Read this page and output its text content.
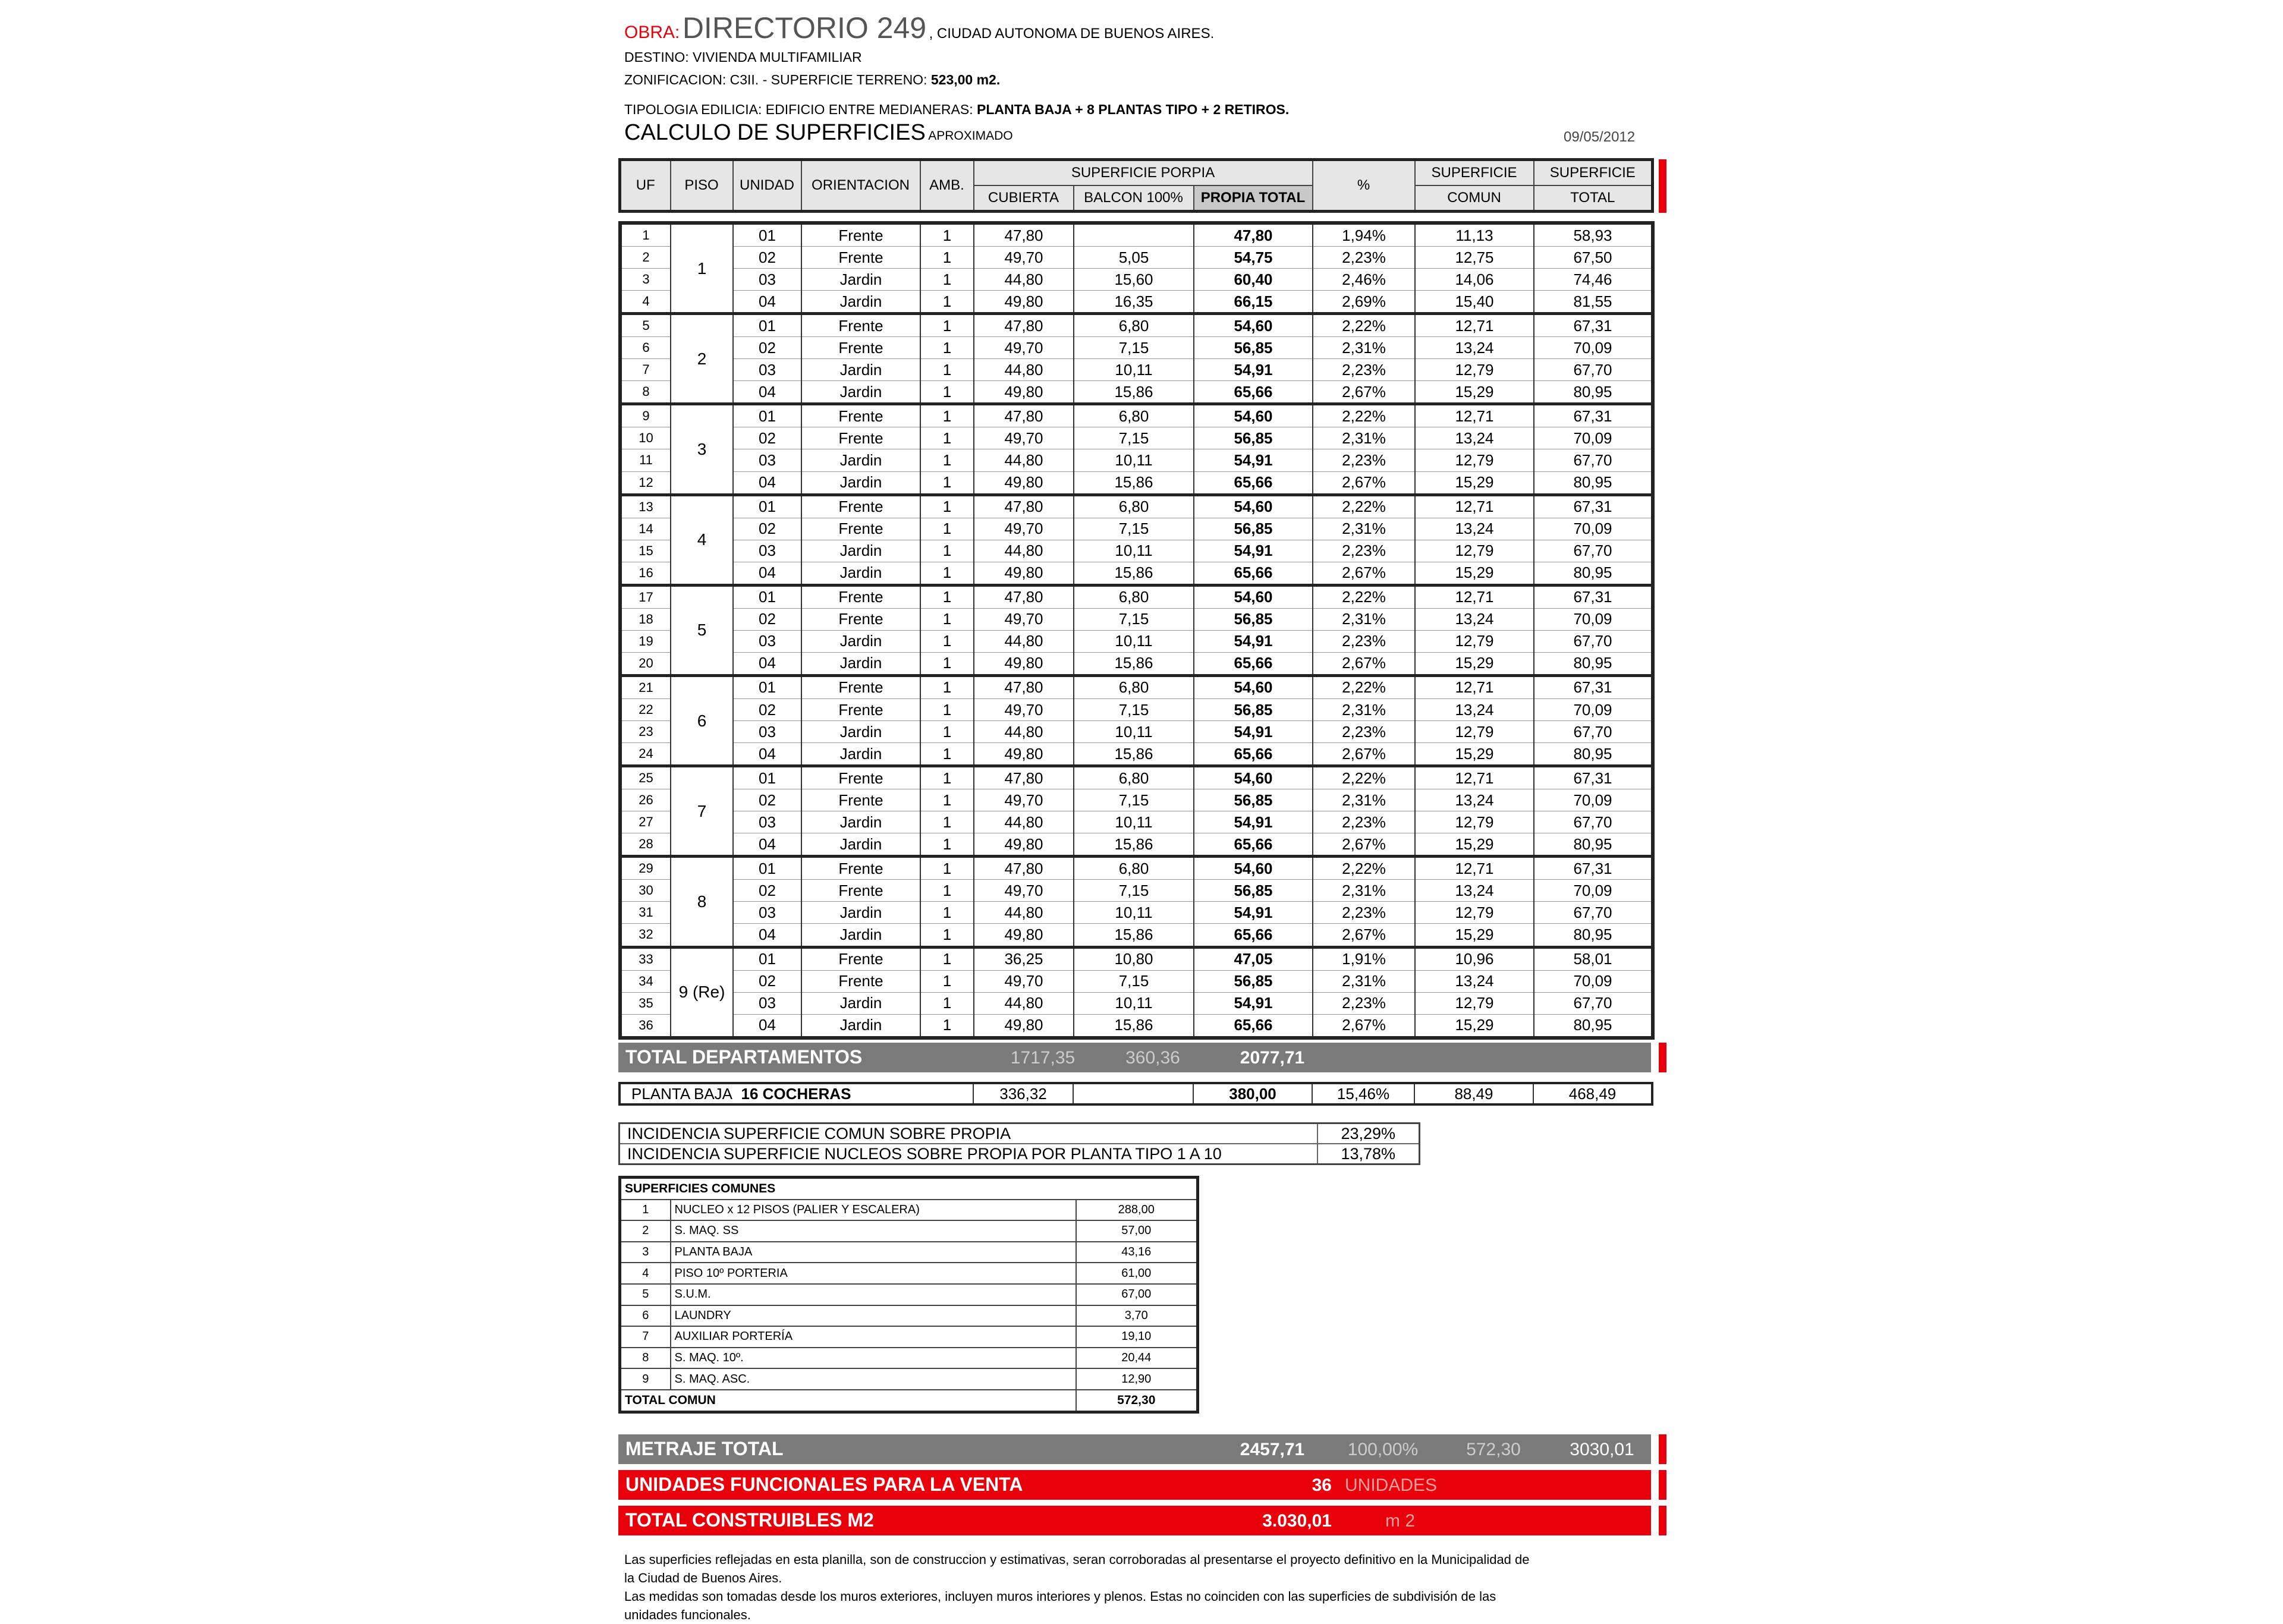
OBRA: DIRECTORIO 249 , CIUDAD AUTONOMA DE BUENOS AIRES.
DESTINO: VIVIENDA MULTIFAMILIAR
ZONIFICACION: C3II. - SUPERFICIE TERRENO: 523,00 m2.
TIPOLOGIA EDILICIA: EDIFICIO ENTRE MEDIANERAS: PLANTA BAJA + 8 PLANTAS TIPO + 2 RETIROS.
CALCULO DE SUPERFICIES APROXIMADO	09/05/2012
UF	PISO	UNIDAD	ORIENTACION	AMB.	SUPERFICIE PORPIA			%	SUPERFICIE	SUPERFICIE
					CUBIERTA	BALCON 100%	PROPIA TOTAL		COMUN	TOTAL
1	1	01	Frente	1	47,80		47,80	1,94%	11,13	58,93
2		02	Frente	1	49,70	5,05	54,75	2,23%	12,75	67,50
3		03	Jardin	1	44,80	15,60	60,40	2,46%	14,06	74,46
4		04	Jardin	1	49,80	16,35	66,15	2,69%	15,40	81,55
5	2	01	Frente	1	47,80	6,80	54,60	2,22%	12,71	67,31
6		02	Frente	1	49,70	7,15	56,85	2,31%	13,24	70,09
7		03	Jardin	1	44,80	10,11	54,91	2,23%	12,79	67,70
8		04	Jardin	1	49,80	15,86	65,66	2,67%	15,29	80,95
9	3	01	Frente	1	47,80	6,80	54,60	2,22%	12,71	67,31
10		02	Frente	1	49,70	7,15	56,85	2,31%	13,24	70,09
11		03	Jardin	1	44,80	10,11	54,91	2,23%	12,79	67,70
12		04	Jardin	1	49,80	15,86	65,66	2,67%	15,29	80,95
13	4	01	Frente	1	47,80	6,80	54,60	2,22%	12,71	67,31
14		02	Frente	1	49,70	7,15	56,85	2,31%	13,24	70,09
15		03	Jardin	1	44,80	10,11	54,91	2,23%	12,79	67,70
16		04	Jardin	1	49,80	15,86	65,66	2,67%	15,29	80,95
17	5	01	Frente	1	47,80	6,80	54,60	2,22%	12,71	67,31
18		02	Frente	1	49,70	7,15	56,85	2,31%	13,24	70,09
19		03	Jardin	1	44,80	10,11	54,91	2,23%	12,79	67,70
20		04	Jardin	1	49,80	15,86	65,66	2,67%	15,29	80,95
21	6	01	Frente	1	47,80	6,80	54,60	2,22%	12,71	67,31
22		02	Frente	1	49,70	7,15	56,85	2,31%	13,24	70,09
23		03	Jardin	1	44,80	10,11	54,91	2,23%	12,79	67,70
24		04	Jardin	1	49,80	15,86	65,66	2,67%	15,29	80,95
25	7	01	Frente	1	47,80	6,80	54,60	2,22%	12,71	67,31
26		02	Frente	1	49,70	7,15	56,85	2,31%	13,24	70,09
27		03	Jardin	1	44,80	10,11	54,91	2,23%	12,79	67,70
28		04	Jardin	1	49,80	15,86	65,66	2,67%	15,29	80,95
29	8	01	Frente	1	47,80	6,80	54,60	2,22%	12,71	67,31
30		02	Frente	1	49,70	7,15	56,85	2,31%	13,24	70,09
31		03	Jardin	1	44,80	10,11	54,91	2,23%	12,79	67,70
32		04	Jardin	1	49,80	15,86	65,66	2,67%	15,29	80,95
33	9 (Re)	01	Frente	1	36,25	10,80	47,05	1,91%	10,96	58,01
34		02	Frente	1	49,70	7,15	56,85	2,31%	13,24	70,09
35		03	Jardin	1	44,80	10,11	54,91	2,23%	12,79	67,70
36		04	Jardin	1	49,80	15,86	65,66	2,67%	15,29	80,95
TOTAL DEPARTAMENTOS	1717,35	360,36	2077,71
PLANTA BAJA 16 COCHERAS	336,32		380,00	15,46%	88,49	468,49
INCIDENCIA SUPERFICIE COMUN SOBRE PROPIA	23,29%
INCIDENCIA SUPERFICIE NUCLEOS SOBRE PROPIA POR PLANTA TIPO 1 A 10	13,78%
SUPERFICIES COMUNES		
1	NUCLEO x 12 PISOS (PALIER Y ESCALERA)	288,00
2	S. MAQ. SS	57,00
3	PLANTA BAJA	43,16
4	PISO 10º PORTERIA	61,00
5	S.U.M.	67,00
6	LAUNDRY	3,70
7	AUXILIAR PORTERÍA	19,10
8	S. MAQ. 10º.	20,44
9	S. MAQ. ASC.	12,90
TOTAL COMUN		572,30
METRAJE TOTAL	2457,71	100,00%	572,30	3030,01
UNIDADES FUNCIONALES PARA LA VENTA	36 UNIDADES
TOTAL CONSTRUIBLES M2	3.030,01	m 2
Las superficies reflejadas en esta planilla, son de construccion y estimativas, seran corroboradas al presentarse el proyecto definitivo en la Municipalidad de
la Ciudad de Buenos Aires.
Las medidas son tomadas desde los muros exteriores, incluyen muros interiores y plenos. Estas no coinciden con las superficies de subdivisión de las
unidades funcionales.
